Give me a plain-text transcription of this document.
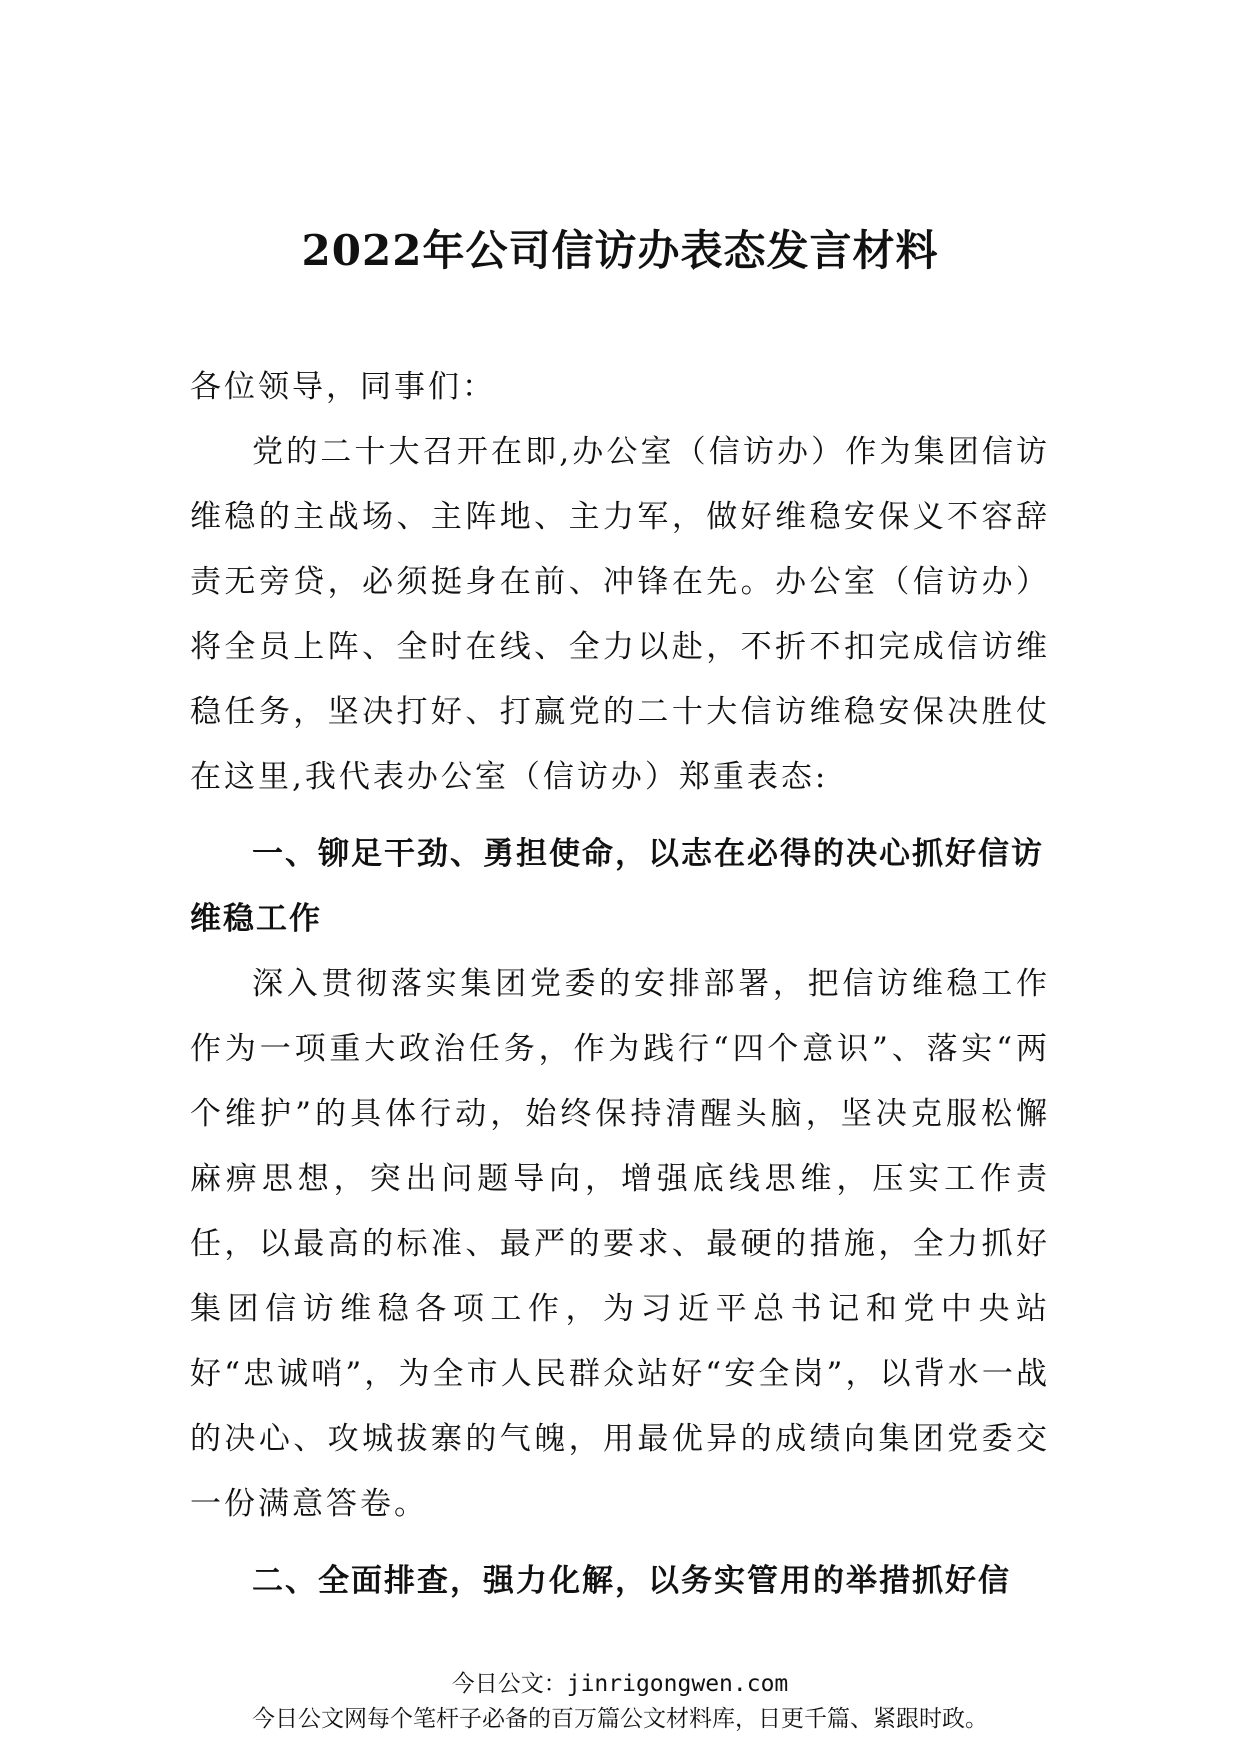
2022年公司信访办表态发言材料

各位领导，同事们：

党的二十大召开在即,办公室（信访办）作为集团信访维稳的主战场、主阵地、主力军，做好维稳安保义不容辞责无旁贷，必须挺身在前、冲锋在先。办公室（信访办）将全员上阵、全时在线、全力以赴，不折不扣完成信访维稳任务，坚决打好、打赢党的二十大信访维稳安保决胜仗在这里,我代表办公室（信访办）郑重表态:

一、铆足干劲、勇担使命，以志在必得的决心抓好信访维稳工作

深入贯彻落实集团党委的安排部署，把信访维稳工作作为一项重大政治任务，作为践行“四个意识”、落实“两个维护”的具体行动，始终保持清醒头脑，坚决克服松懈麻痹思想，突出问题导向，增强底线思维，压实工作责任，以最高的标准、最严的要求、最硬的措施，全力抓好集团信访维稳各项工作，为习近平总书记和党中央站好“忠诚哨”，为全市人民群众站好“安全岗”，以背水一战的决心、攻城拔寨的气魄，用最优异的成绩向集团党委交一份满意答卷。

二、全面排查，强力化解，以务实管用的举措抓好信

今日公文：jinrigongwen.com
今日公文网每个笔杆子必备的百万篇公文材料库，日更千篇、紧跟时政。
